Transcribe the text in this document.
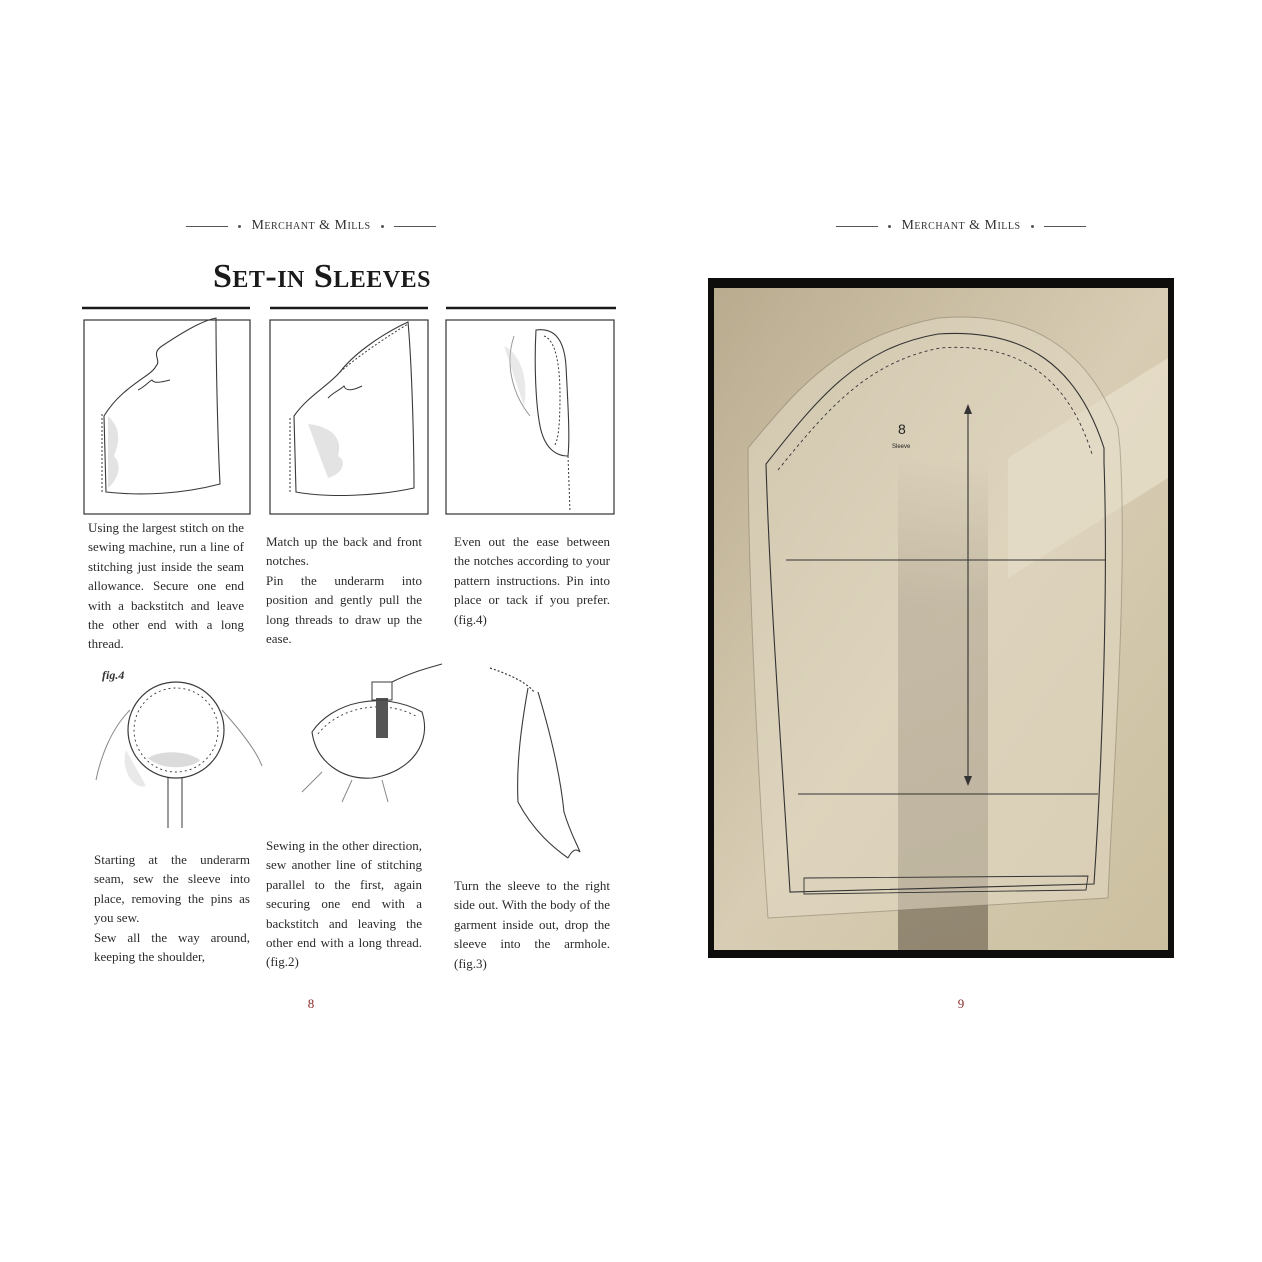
Merchant & Mills
Set-in Sleeves
Using the largest stitch on the sewing machine, run a line of stitching just inside the seam allowance. Secure one end with a backstitch and leave the other end with a long thread.
Match up the back and front notches.
Pin the underarm into position and gently pull the long threads to draw up the ease.
Even out the ease between the notches according to your pattern instructions. Pin into place or tack if you prefer. (fig.4)
fig.4
Starting at the underarm seam, sew the sleeve into place, removing the pins as you sew.
Sew all the way around, keeping the shoulder,
Sewing in the other direction, sew another line of stitching parallel to the first, again securing one end with a backstitch and leaving the other end with a long thread. (fig.2)
Turn the sleeve to the right side out. With the body of the garment inside out, drop the sleeve into the armhole. (fig.3)
8
Merchant & Mills
8
Sleeve
9
